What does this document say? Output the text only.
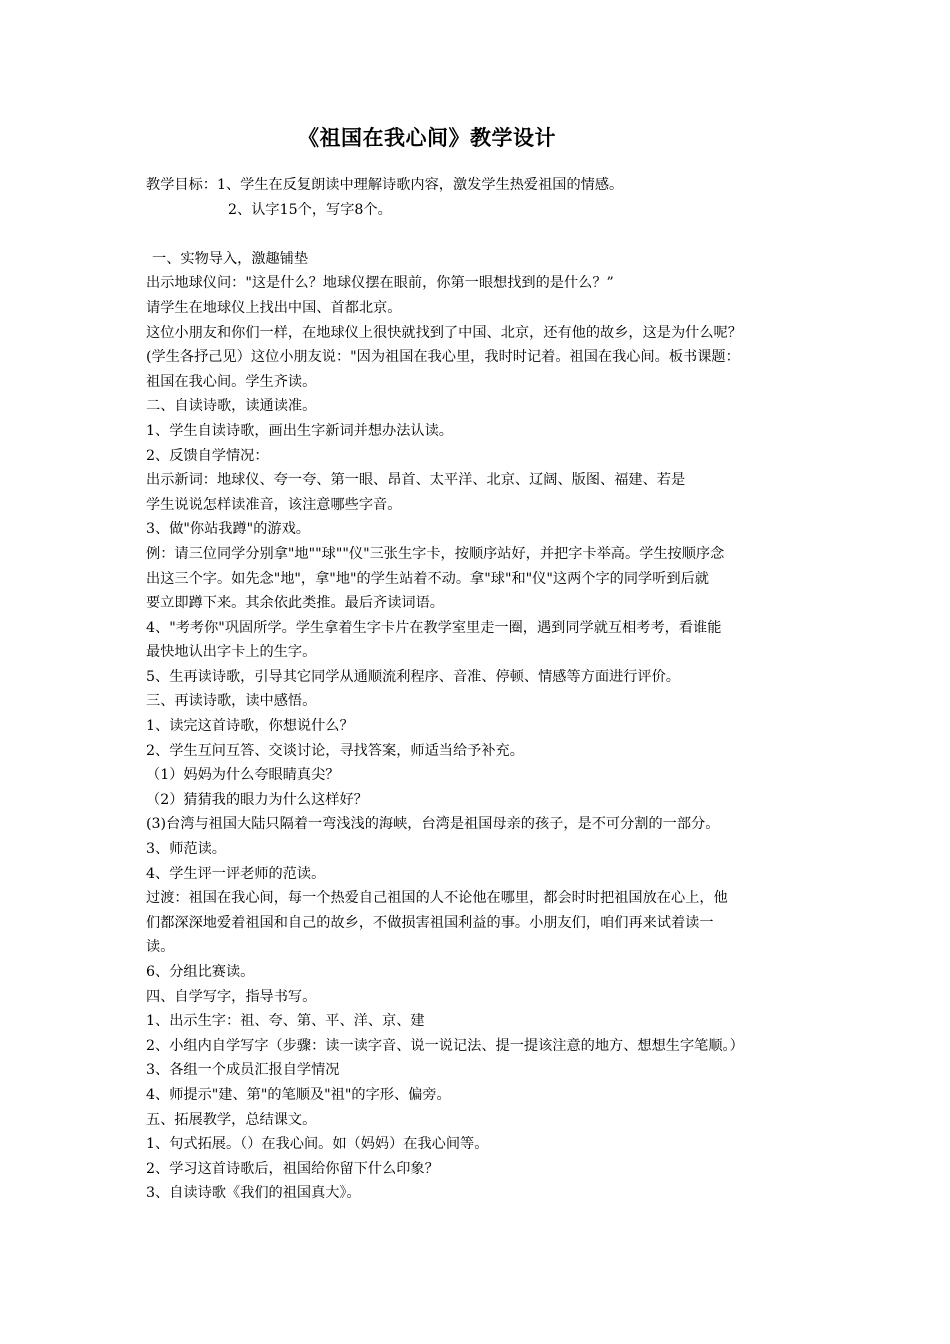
《祖国在我心间》教学设计
教学目标：1、学生在反复朗读中理解诗歌内容，激发学生热爱祖国的情感。
2、认字15个，写字8个。
一、实物导入，激趣铺垫
出示地球仪问："这是什么？地球仪摆在眼前，你第一眼想找到的是什么？”
请学生在地球仪上找出中国、首都北京。
这位小朋友和你们一样，在地球仪上很快就找到了中国、北京，还有他的故乡，这是为什么呢？
(学生各抒己见）这位小朋友说："因为祖国在我心里，我时时记着。祖国在我心间。板书课题：
祖国在我心间。学生齐读。
二、自读诗歌，读通读准。
1、学生自读诗歌，画出生字新词并想办法认读。
2、反馈自学情况：
出示新词：地球仪、夸一夸、第一眼、昂首、太平洋、北京、辽阔、版图、福建、若是
学生说说怎样读准音，该注意哪些字音。
3、做"你站我蹲"的游戏。
例：请三位同学分别拿"地""球""仪"三张生字卡，按顺序站好，并把字卡举高。学生按顺序念
出这三个字。如先念"地"，拿"地"的学生站着不动。拿"球"和"仪"这两个字的同学听到后就
要立即蹲下来。其余依此类推。最后齐读词语。
4、"考考你"巩固所学。学生拿着生字卡片在教学室里走一圈，遇到同学就互相考考，看谁能
最快地认出字卡上的生字。
5、生再读诗歌，引导其它同学从通顺流利程序、音准、停顿、情感等方面进行评价。
三、再读诗歌，读中感悟。
1、读完这首诗歌，你想说什么？
2、学生互问互答、交谈讨论，寻找答案，师适当给予补充。
（1）妈妈为什么夸眼睛真尖？
（2）猜猜我的眼力为什么这样好？
(3)台湾与祖国大陆只隔着一弯浅浅的海峡，台湾是祖国母亲的孩子，是不可分割的一部分。
3、师范读。
4、学生评一评老师的范读。
过渡：祖国在我心间，每一个热爱自己祖国的人不论他在哪里，都会时时把祖国放在心上，他
们都深深地爱着祖国和自己的故乡，不做损害祖国利益的事。小朋友们，咱们再来试着读一
读。
6、分组比赛读。
四、自学写字，指导书写。
1、出示生字：祖、夸、第、平、洋、京、建
2、小组内自学写字（步骤：读一读字音、说一说记法、提一提该注意的地方、想想生字笔顺。）
3、各组一个成员汇报自学情况
4、师提示"建、第"的笔顺及"祖"的字形、偏旁。
五、拓展教学，总结课文。
1、句式拓展。（）在我心间。如（妈妈）在我心间等。
2、学习这首诗歌后，祖国给你留下什么印象？
3、自读诗歌《我们的祖国真大》。
